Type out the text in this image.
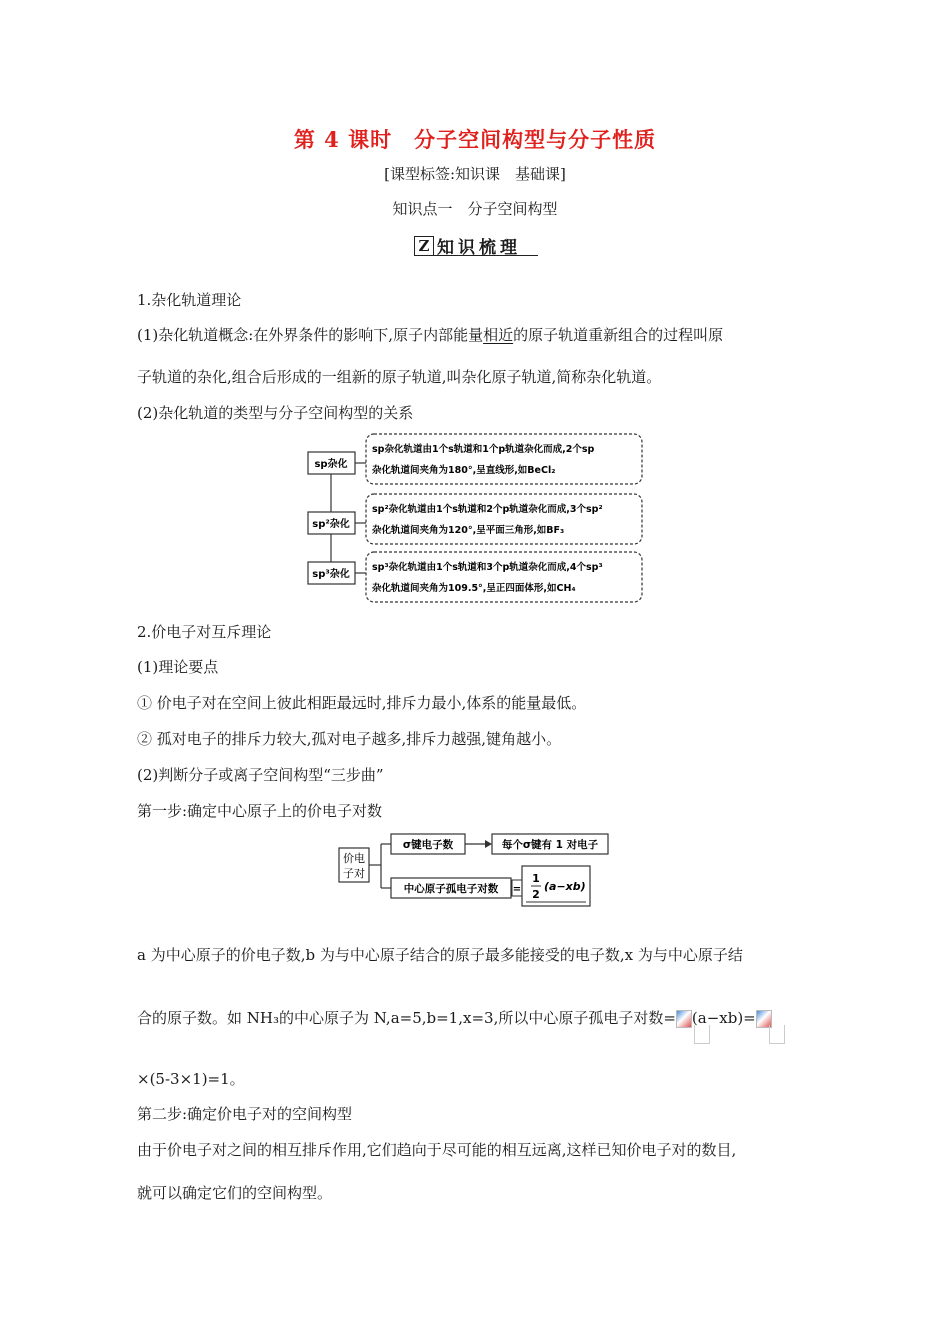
第 4 课时　分子空间构型与分子性质
[课型标签:知识课　基础课]
知识点一　分子空间构型
Z 知识梳理
1.杂化轨道理论
(1)杂化轨道概念:在外界条件的影响下,原子内部能量相近的原子轨道重新组合的过程叫原
子轨道的杂化,组合后形成的一组新的原子轨道,叫杂化原子轨道,简称杂化轨道。
(2)杂化轨道的类型与分子空间构型的关系
sp杂化
sp杂化轨道由1个s轨道和1个p轨道杂化而成,2个sp
杂化轨道间夹角为180°,呈直线形,如BeCl₂
sp²杂化
sp²杂化轨道由1个s轨道和2个p轨道杂化而成,3个sp²
杂化轨道间夹角为120°,呈平面三角形,如BF₃
sp³杂化
sp³杂化轨道由1个s轨道和3个p轨道杂化而成,4个sp³
杂化轨道间夹角为109.5°,呈正四面体形,如CH₄
2.价电子对互斥理论
(1)理论要点
① 价电子对在空间上彼此相距最远时,排斥力最小,体系的能量最低。
② 孤对电子的排斥力较大,孤对电子越多,排斥力越强,键角越小。
(2)判断分子或离子空间构型“三步曲”
第一步:确定中心原子上的价电子对数
价电
子对
σ键电子数	每个σ键有 1 对电子
中心原子孤电子对数 =
1
2
(a−xb)
a 为中心原子的价电子数,b 为与中心原子结合的原子最多能接受的电子数,x 为与中心原子结
合的原子数。如 NH₃的中心原子为 N,a=5,b=1,x=3,所以中心原子孤电子对数= (a−xb)=
×(5-3×1)=1。
第二步:确定价电子对的空间构型
由于价电子对之间的相互排斥作用,它们趋向于尽可能的相互远离,这样已知价电子对的数目,
就可以确定它们的空间构型。
